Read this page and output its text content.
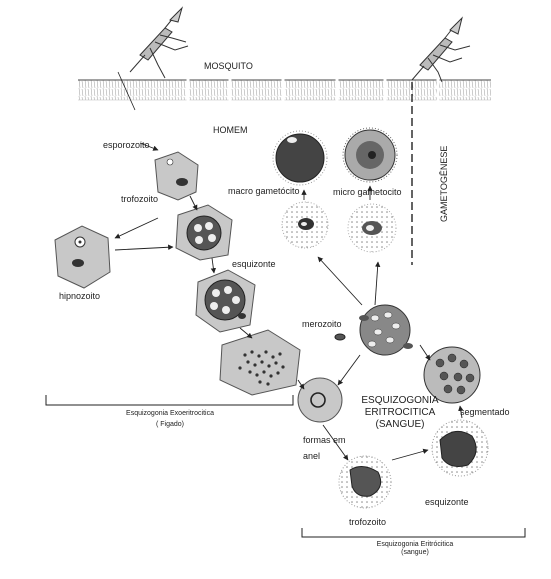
MOSQUITO
HOMEM
GAMETOGÊNESE
esporozoito
trofozoito
hipnozoito
esquizonte
macro gametócito	micro gametocito
merozoito
ESQUIZOGONIA
ERITROCITICA
(SANGUE)
segmentado
formas em
anel
esquizonte
trofozoito
Esquizogonia Exoeritrocitica
( Figado)
Esquizogonia Eritrócitica
(sangue)
